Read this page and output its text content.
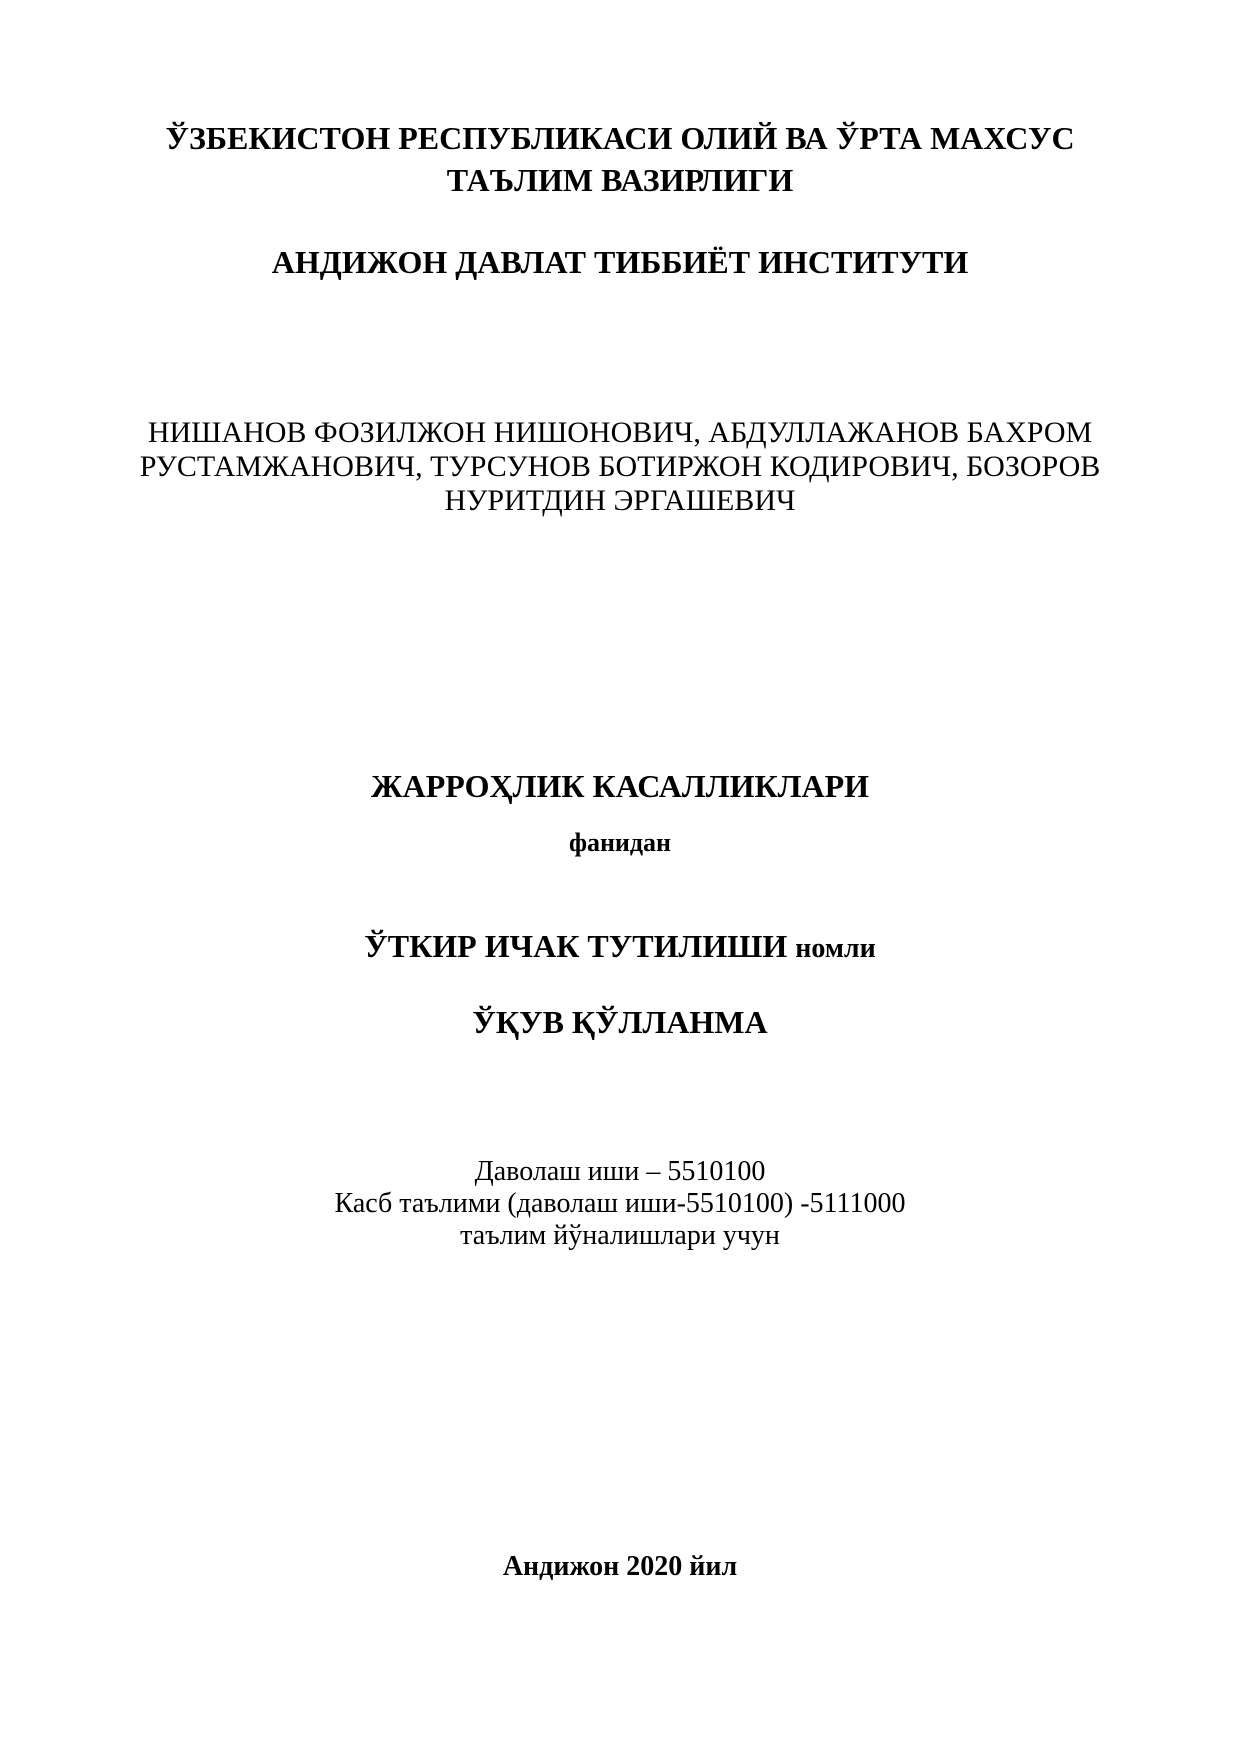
ЎЗБЕКИСТОН РЕСПУБЛИКАСИ ОЛИЙ ВА ЎРТА МАХСУС
ТАЪЛИМ ВАЗИРЛИГИ
АНДИЖОН ДАВЛАТ ТИББИЁТ ИНСТИТУТИ
НИШАНОВ ФОЗИЛЖОН НИШОНОВИЧ, АБДУЛЛАЖАНОВ БАХРОМ
РУСТАМЖАНОВИЧ, ТУРСУНОВ БОТИРЖОН КОДИРОВИЧ, БОЗОРОВ
НУРИТДИН ЭРГАШЕВИЧ
ЖАРРОҲЛИК КАСАЛЛИКЛАРИ
фанидан
ЎТКИР ИЧАК ТУТИЛИШИ номли
ЎҚУВ ҚЎЛЛАНМА
Даволаш иши – 5510100
Касб таълими (даволаш иши-5510100) -5111000
таълим йўналишлари учун
Андижон 2020 йил
